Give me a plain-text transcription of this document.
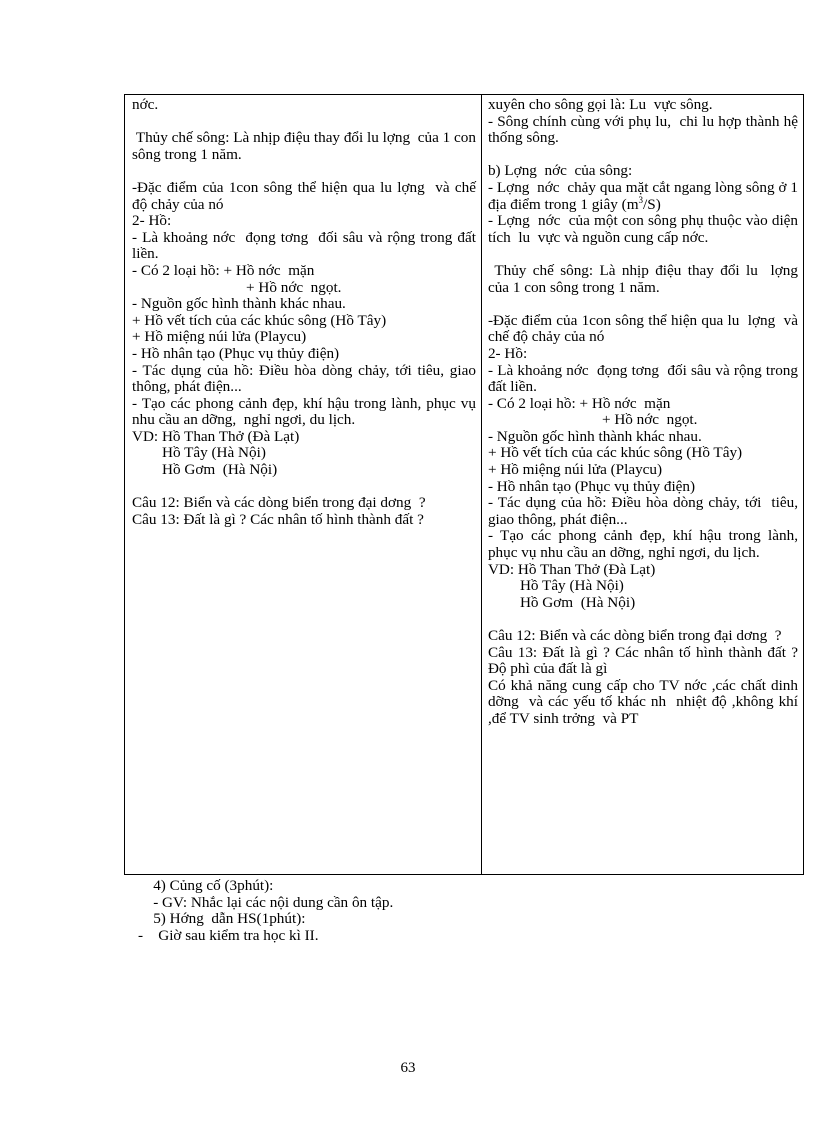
nớc.
Thủy chế sông: Là nhịp điệu thay đổi lu lợng  của 1 con sông trong 1 năm.
-Đặc điểm của 1con sông thể hiện qua lu lợng  và chế độ chảy của nó
2- Hồ:
- Là khoảng nớc  đọng tơng  đối sâu và rộng trong đất liền.
- Có 2 loại hồ: + Hồ nớc  mặn
+ Hồ nớc  ngọt.
- Nguồn gốc hình thành khác nhau.
+ Hồ vết tích của các khúc sông (Hồ Tây)
+ Hồ miệng núi lửa (Playcu)
- Hồ nhân tạo (Phục vụ thủy điện)
- Tác dụng của hồ: Điều hòa dòng chảy, tới tiêu, giao thông, phát điện...
- Tạo các phong cảnh đẹp, khí hậu trong lành, phục vụ nhu cầu an dỡng,  nghỉ ngơi, du lịch.
VD: Hồ Than Thở (Đà Lạt)
Hồ Tây (Hà Nội)
Hồ Gơm  (Hà Nội)
Câu 12: Biển và các dòng biển trong đại dơng  ?
Câu 13: Đất là gì ? Các nhân tố hình thành đất ?
xuyên cho sông gọi là: Lu  vực sông.
- Sông chính cùng với phụ lu,  chi lu hợp thành hệ thống sông.
b) Lợng  nớc  của sông:
- Lợng  nớc  chảy qua mặt cắt ngang lòng sông ở 1 địa điểm trong 1 giây $(m^3/S)$
- Lợng  nớc  của một con sông phụ thuộc vào diện tích  lu  vực và nguồn cung cấp nớc.
Thủy chế sông: Là nhịp điệu thay đổi lu  lợng  của 1 con sông trong 1 năm.
-Đặc điểm của 1con sông thể hiện qua lu  lợng  và chế độ chảy của nó
2- Hồ:
- Là khoảng nớc  đọng tơng  đối sâu và rộng trong đất liền.
- Có 2 loại hồ: + Hồ nớc  mặn
+ Hồ nớc  ngọt.
- Nguồn gốc hình thành khác nhau.
+ Hồ vết tích của các khúc sông (Hồ Tây)
+ Hồ miệng núi lửa (Playcu)
- Hồ nhân tạo (Phục vụ thủy điện)
- Tác dụng của hồ: Điều hòa dòng chảy, tới  tiêu, giao thông, phát điện...
- Tạo các phong cảnh đẹp, khí hậu trong lành, phục vụ nhu cầu an dỡng, nghỉ ngơi, du lịch.
VD: Hồ Than Thở (Đà Lạt)
Hồ Tây (Hà Nội)
Hồ Gơm  (Hà Nội)
Câu 12: Biển và các dòng biển trong đại dơng  ?
Câu 13: Đất là gì ? Các nhân tố hình thành đất ? Độ phì của đất là gì
Có khả năng cung cấp cho TV nớc ,các chất dinh dỡng  và các yếu tố khác nh  nhiệt độ ,không khí ,để TV sinh trởng  và PT
4) Củng cố (3phút):
- GV: Nhắc lại các nội dung cần ôn tập.
5) Hớng  dẫn HS(1phút):
-    Giờ sau kiểm tra học kì II.
63
